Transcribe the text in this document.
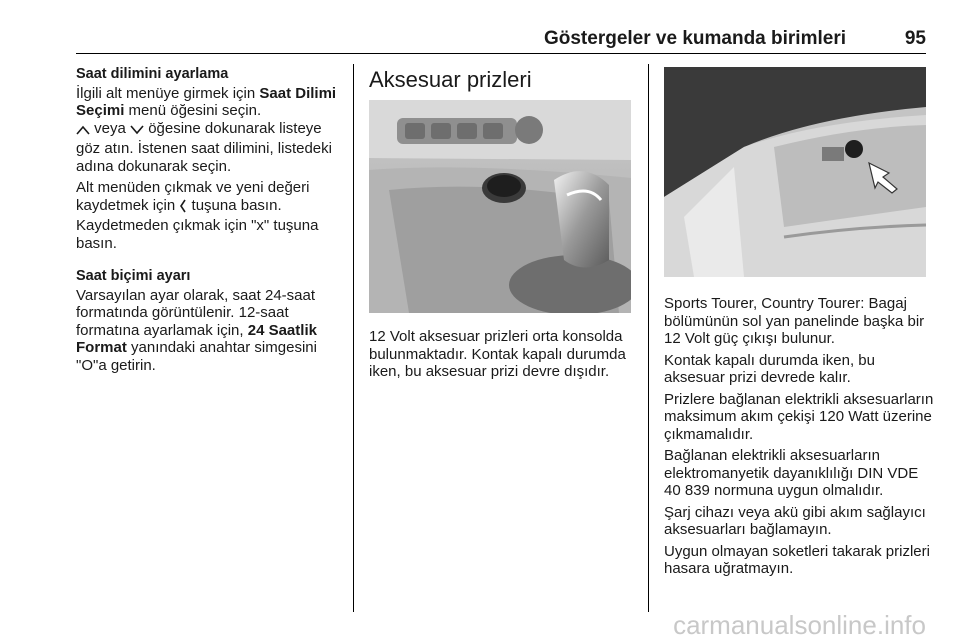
Göstergeler ve kumanda birimleri	95
Saat dilimini ayarlama

İlgili alt menüye girmek için Saat Dilimi Seçimi menü öğesini seçin.
veya  öğesine dokunarak listeye göz atın. İstenen saat dilimini, listedeki adına dokunarak seçin.

Alt menüden çıkmak ve yeni değeri kaydetmek için  tuşuna basın. Kaydetmeden çıkmak için "x" tuşuna basın.

Saat biçimi ayarı

Varsayılan ayar olarak, saat 24-saat formatında görüntülenir. 12-saat formatına ayarlamak için, 24 Saatlik Format yanındaki anahtar simgesini "O"a getirin.

Aksesuar prizleri

12 Volt aksesuar prizleri orta konsolda bulunmaktadır. Kontak kapalı durumda iken, bu aksesuar prizi devre dışıdır.

Sports Tourer, Country Tourer: Bagaj bölümünün sol yan panelinde başka bir 12 Volt güç çıkışı bulunur.

Kontak kapalı durumda iken, bu aksesuar prizi devrede kalır.

Prizlere bağlanan elektrikli aksesuarların maksimum akım çekişi 120 Watt üzerine çıkmamalıdır.

Bağlanan elektrikli aksesuarların elektromanyetik dayanıklılığı DIN VDE 40 839 normuna uygun olmalıdır.

Şarj cihazı veya akü gibi akım sağlayıcı aksesuarları bağlamayın.

Uygun olmayan soketleri takarak prizleri hasara uğratmayın.

carmanualsonline.info
